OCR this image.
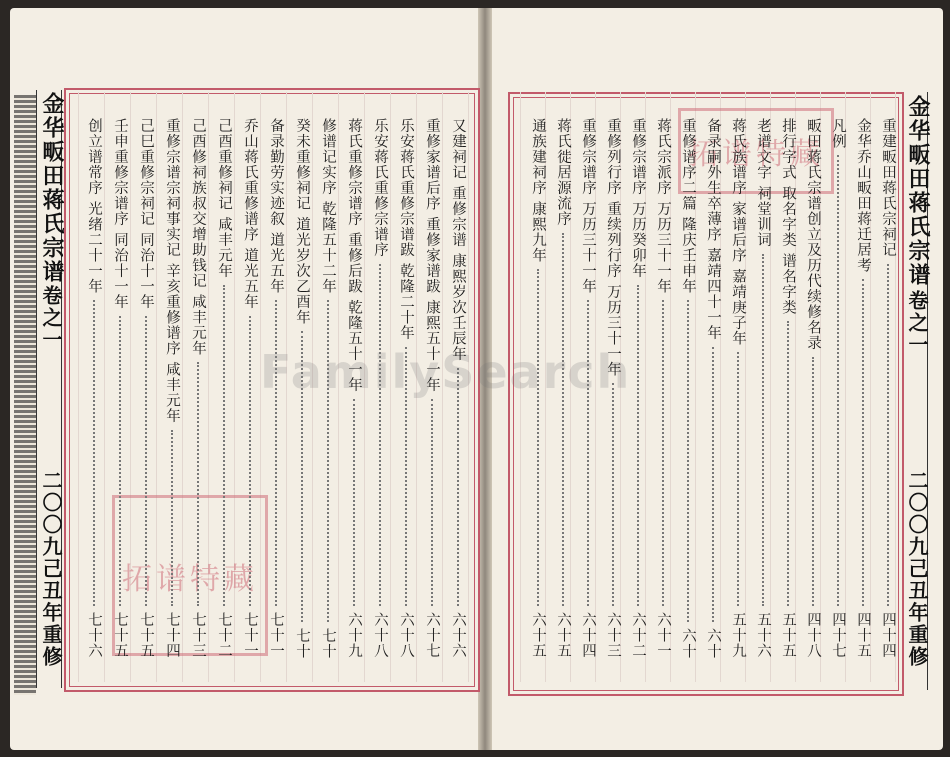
金华畈田蒋氏宗谱
卷之一
二〇〇九己丑年重修
金华畈田蒋氏宗谱
卷之一
二〇〇九己丑年重修
拓谱特藏
拓谱特藏
FamilySearch
重建畈田蒋氏宗祠记
四十四
金华乔山畈田蒋迁居考
四十五
凡例
四十七
畈田蒋氏宗谱创立及历代续修名录
四十八
排行字式 取名字类 谱名字类
五十五
老谱文字 祠堂训词
五十六
蒋氏族谱序 家谱后序 嘉靖庚子年
五十九
备录嗣外生卒薄序 嘉靖四十一年
六十
重修谱序二篇 隆庆壬申年
六十
蒋氏宗派序 万历三十一年
六十一
重修宗谱序 万历癸卯年
六十二
重修列行序 重续列行序 万历三十一年
六十三
重修宗谱序 万历三十一年
六十四
蒋氏徙居源流序
六十五
通族建祠序 康熙九年
六十五
又建祠记 重修宗谱 康熙岁次壬辰年
六十六
重修家谱后序 重修家谱跋 康熙五十一年
六十七
乐安蒋氏重修宗谱跋 乾隆二十年
六十八
乐安蒋氏重修宗谱序
六十八
蒋氏重修宗谱序 重修后跋 乾隆五十一年
六十九
修谱记实序 乾隆五十二年
七十
癸未重修祠记 道光岁次乙酉年
七十
备录勤劳实迹叙 道光五年
七十一
乔山蒋氏重修谱序 道光五年
七十一
己酉重修祠记 咸丰元年
七十二
己酉修祠族叔交增助钱记 咸丰元年
七十三
重修宗谱宗祠事实记 辛亥重修谱序 咸丰元年
七十四
己巳重修宗祠记 同治十一年
七十五
壬申重修宗谱序 同治十一年
七十五
创立谱常序 光绪二十一年
七十六
